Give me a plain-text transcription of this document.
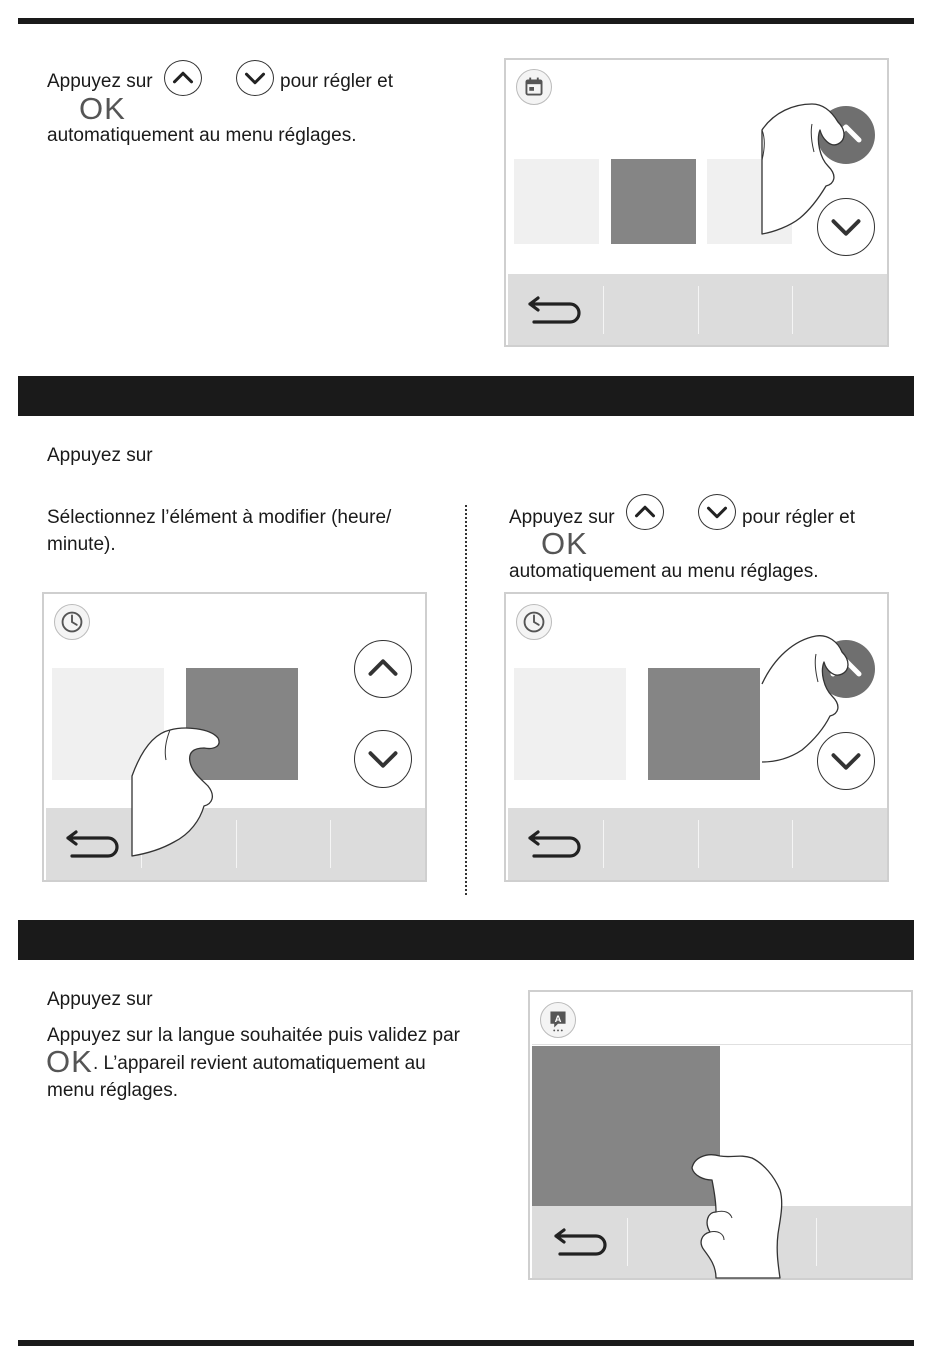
Appuyez sur	pour régler et
OK
automatiquement au menu réglages.
Appuyez sur
Sélectionnez l’élément à modifier (heure/
minute).
Appuyez sur	pour régler et
OK
automatiquement au menu réglages.
Appuyez sur
Appuyez sur la langue souhaitée puis validez par
OK . L’appareil revient automatiquement au
menu réglages.
A
